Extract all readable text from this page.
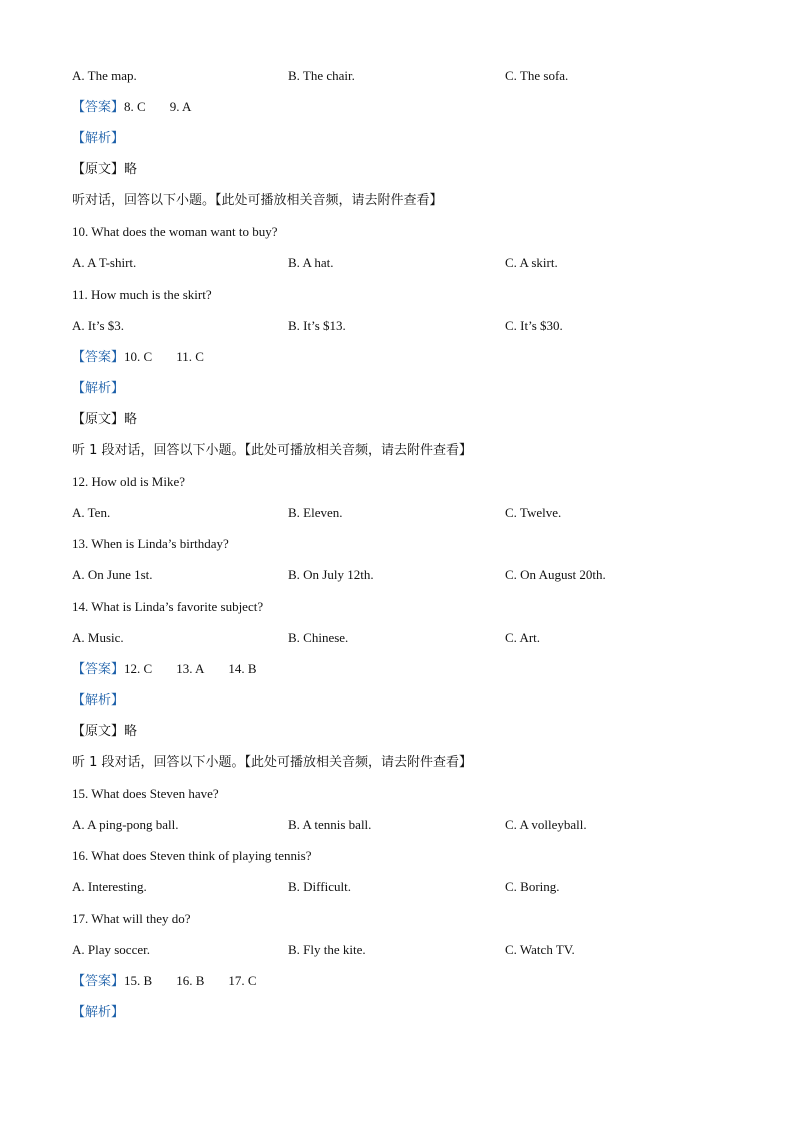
A. The map.	B. The chair.	C. The sofa.
【答案】8. C 9. A
【解析】
【原文】略
听对话，回答以下小题。【此处可播放相关音频，请去附件查看】
10. What does the woman want to buy?
A. A T-shirt.	B. A hat.	C. A skirt.
11. How much is the skirt?
A. It’s $3.	B. It’s $13.	C. It’s $30.
【答案】10. C 11. C
【解析】
【原文】略
听 1 段对话，回答以下小题。【此处可播放相关音频，请去附件查看】
12. How old is Mike?
A. Ten.	B. Eleven.	C. Twelve.
13. When is Linda’s birthday?
A. On June 1st.	B. On July 12th.	C. On August 20th.
14. What is Linda’s favorite subject?
A. Music.	B. Chinese.	C. Art.
【答案】12. C 13. A 14. B
【解析】
【原文】略
听 1 段对话，回答以下小题。【此处可播放相关音频，请去附件查看】
15. What does Steven have?
A. A ping-pong ball.	B. A tennis ball.	C. A volleyball.
16. What does Steven think of playing tennis?
A. Interesting.	B. Difficult.	C. Boring.
17. What will they do?
A. Play soccer.	B. Fly the kite.	C. Watch TV.
【答案】15. B 16. B 17. C
【解析】
